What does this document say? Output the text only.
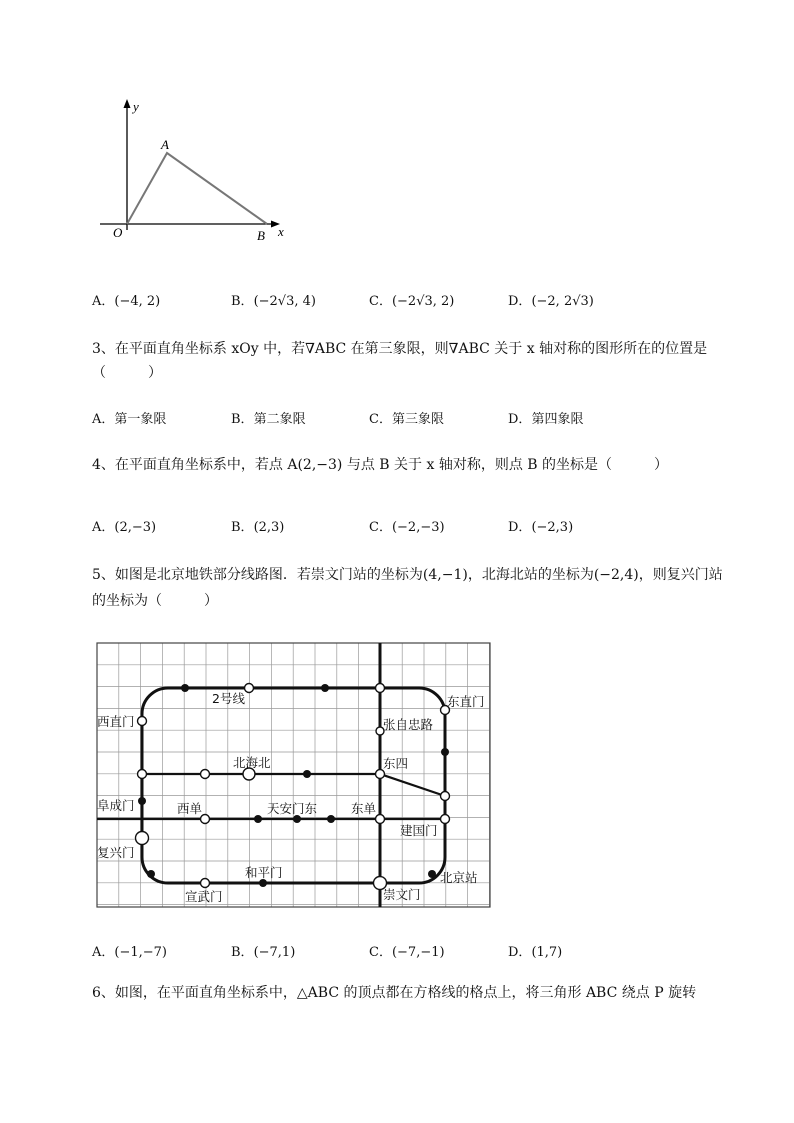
y
x
O
A
B
A．(−4, 2)	B．(−2√3, 4)	C．(−2√3, 2)	D．(−2, 2√3)
3、在平面直角坐标系 xOy 中，若∇ABC 在第三象限，则∇ABC 关于 x 轴对称的图形所在的位置是
（　　　）
A．第一象限	B．第二象限	C．第三象限	D．第四象限
4、在平面直角坐标系中，若点 A(2,−3) 与点 B 关于 x 轴对称，则点 B 的坐标是（　　　）
A．(2,−3)	B．(2,3)	C．(−2,−3)	D．(−2,3)
5、如图是北京地铁部分线路图．若崇文门站的坐标为(4,−1)，北海北站的坐标为(−2,4)，则复兴门站
的坐标为（　　　）
2号线	东直门
西直门	张自忠路
北海北	东四
阜成门	西单	天安门东	东单
建国门
复兴门
和平门	北京站
宣武门	崇文门
A．(−1,−7)	B．(−7,1)	C．(−7,−1)	D．(1,7)
6、如图，在平面直角坐标系中，△ABC 的顶点都在方格线的格点上，将三角形 ABC 绕点 P 旋转
